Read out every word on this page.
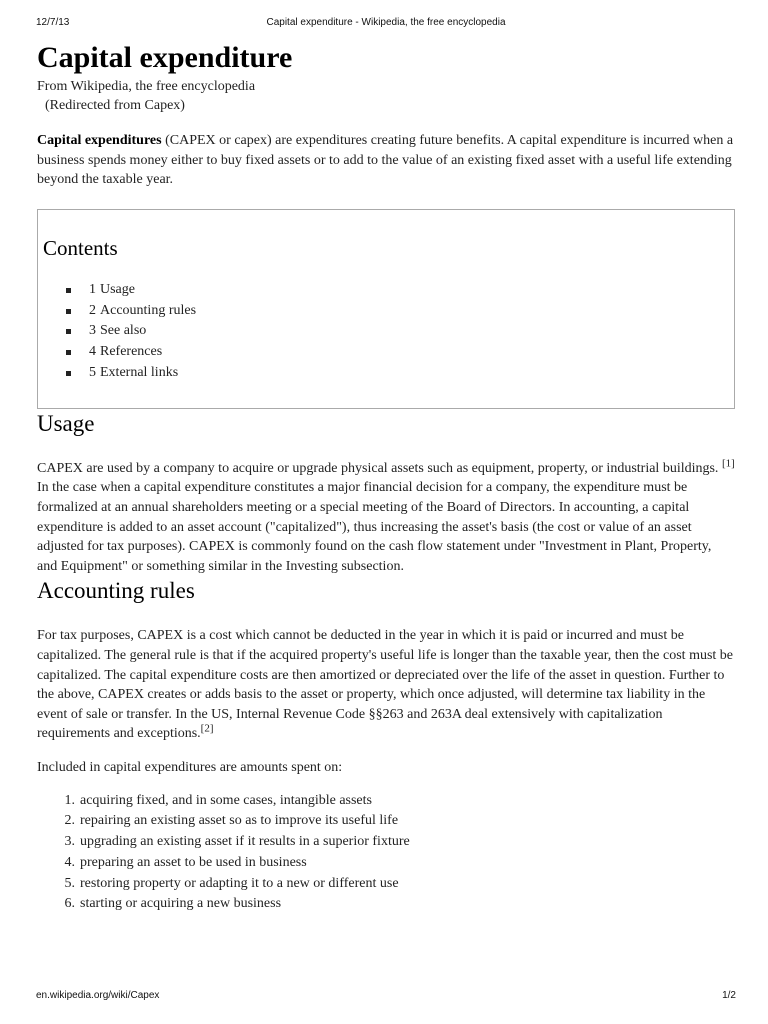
12/7/13	Capital expenditure - Wikipedia, the free encyclopedia
Capital expenditure
From Wikipedia, the free encyclopedia
(Redirected from Capex)

Capital expenditures (CAPEX or capex) are expenditures creating future benefits. A capital expenditure is incurred when a business spends money either to buy fixed assets or to add to the value of an existing fixed asset with a useful life extending beyond the taxable year.

Contents
1 Usage
2 Accounting rules
3 See also
4 References
5 External links
Usage

CAPEX are used by a company to acquire or upgrade physical assets such as equipment, property, or industrial buildings. [1] In the case when a capital expenditure constitutes a major financial decision for a company, the expenditure must be formalized at an annual shareholders meeting or a special meeting of the Board of Directors. In accounting, a capital expenditure is added to an asset account ("capitalized"), thus increasing the asset's basis (the cost or value of an asset adjusted for tax purposes). CAPEX is commonly found on the cash flow statement under "Investment in Plant, Property, and Equipment" or something similar in the Investing subsection.

Accounting rules

For tax purposes, CAPEX is a cost which cannot be deducted in the year in which it is paid or incurred and must be capitalized. The general rule is that if the acquired property's useful life is longer than the taxable year, then the cost must be capitalized. The capital expenditure costs are then amortized or depreciated over the life of the asset in question. Further to the above, CAPEX creates or adds basis to the asset or property, which once adjusted, will determine tax liability in the event of sale or transfer. In the US, Internal Revenue Code §§263 and 263A deal extensively with capitalization requirements and exceptions.[2]

Included in capital expenditures are amounts spent on:

1. acquiring fixed, and in some cases, intangible assets
2. repairing an existing asset so as to improve its useful life
3. upgrading an existing asset if it results in a superior fixture
4. preparing an asset to be used in business
5. restoring property or adapting it to a new or different use
6. starting or acquiring a new business
en.wikipedia.org/wiki/Capex	1/2
